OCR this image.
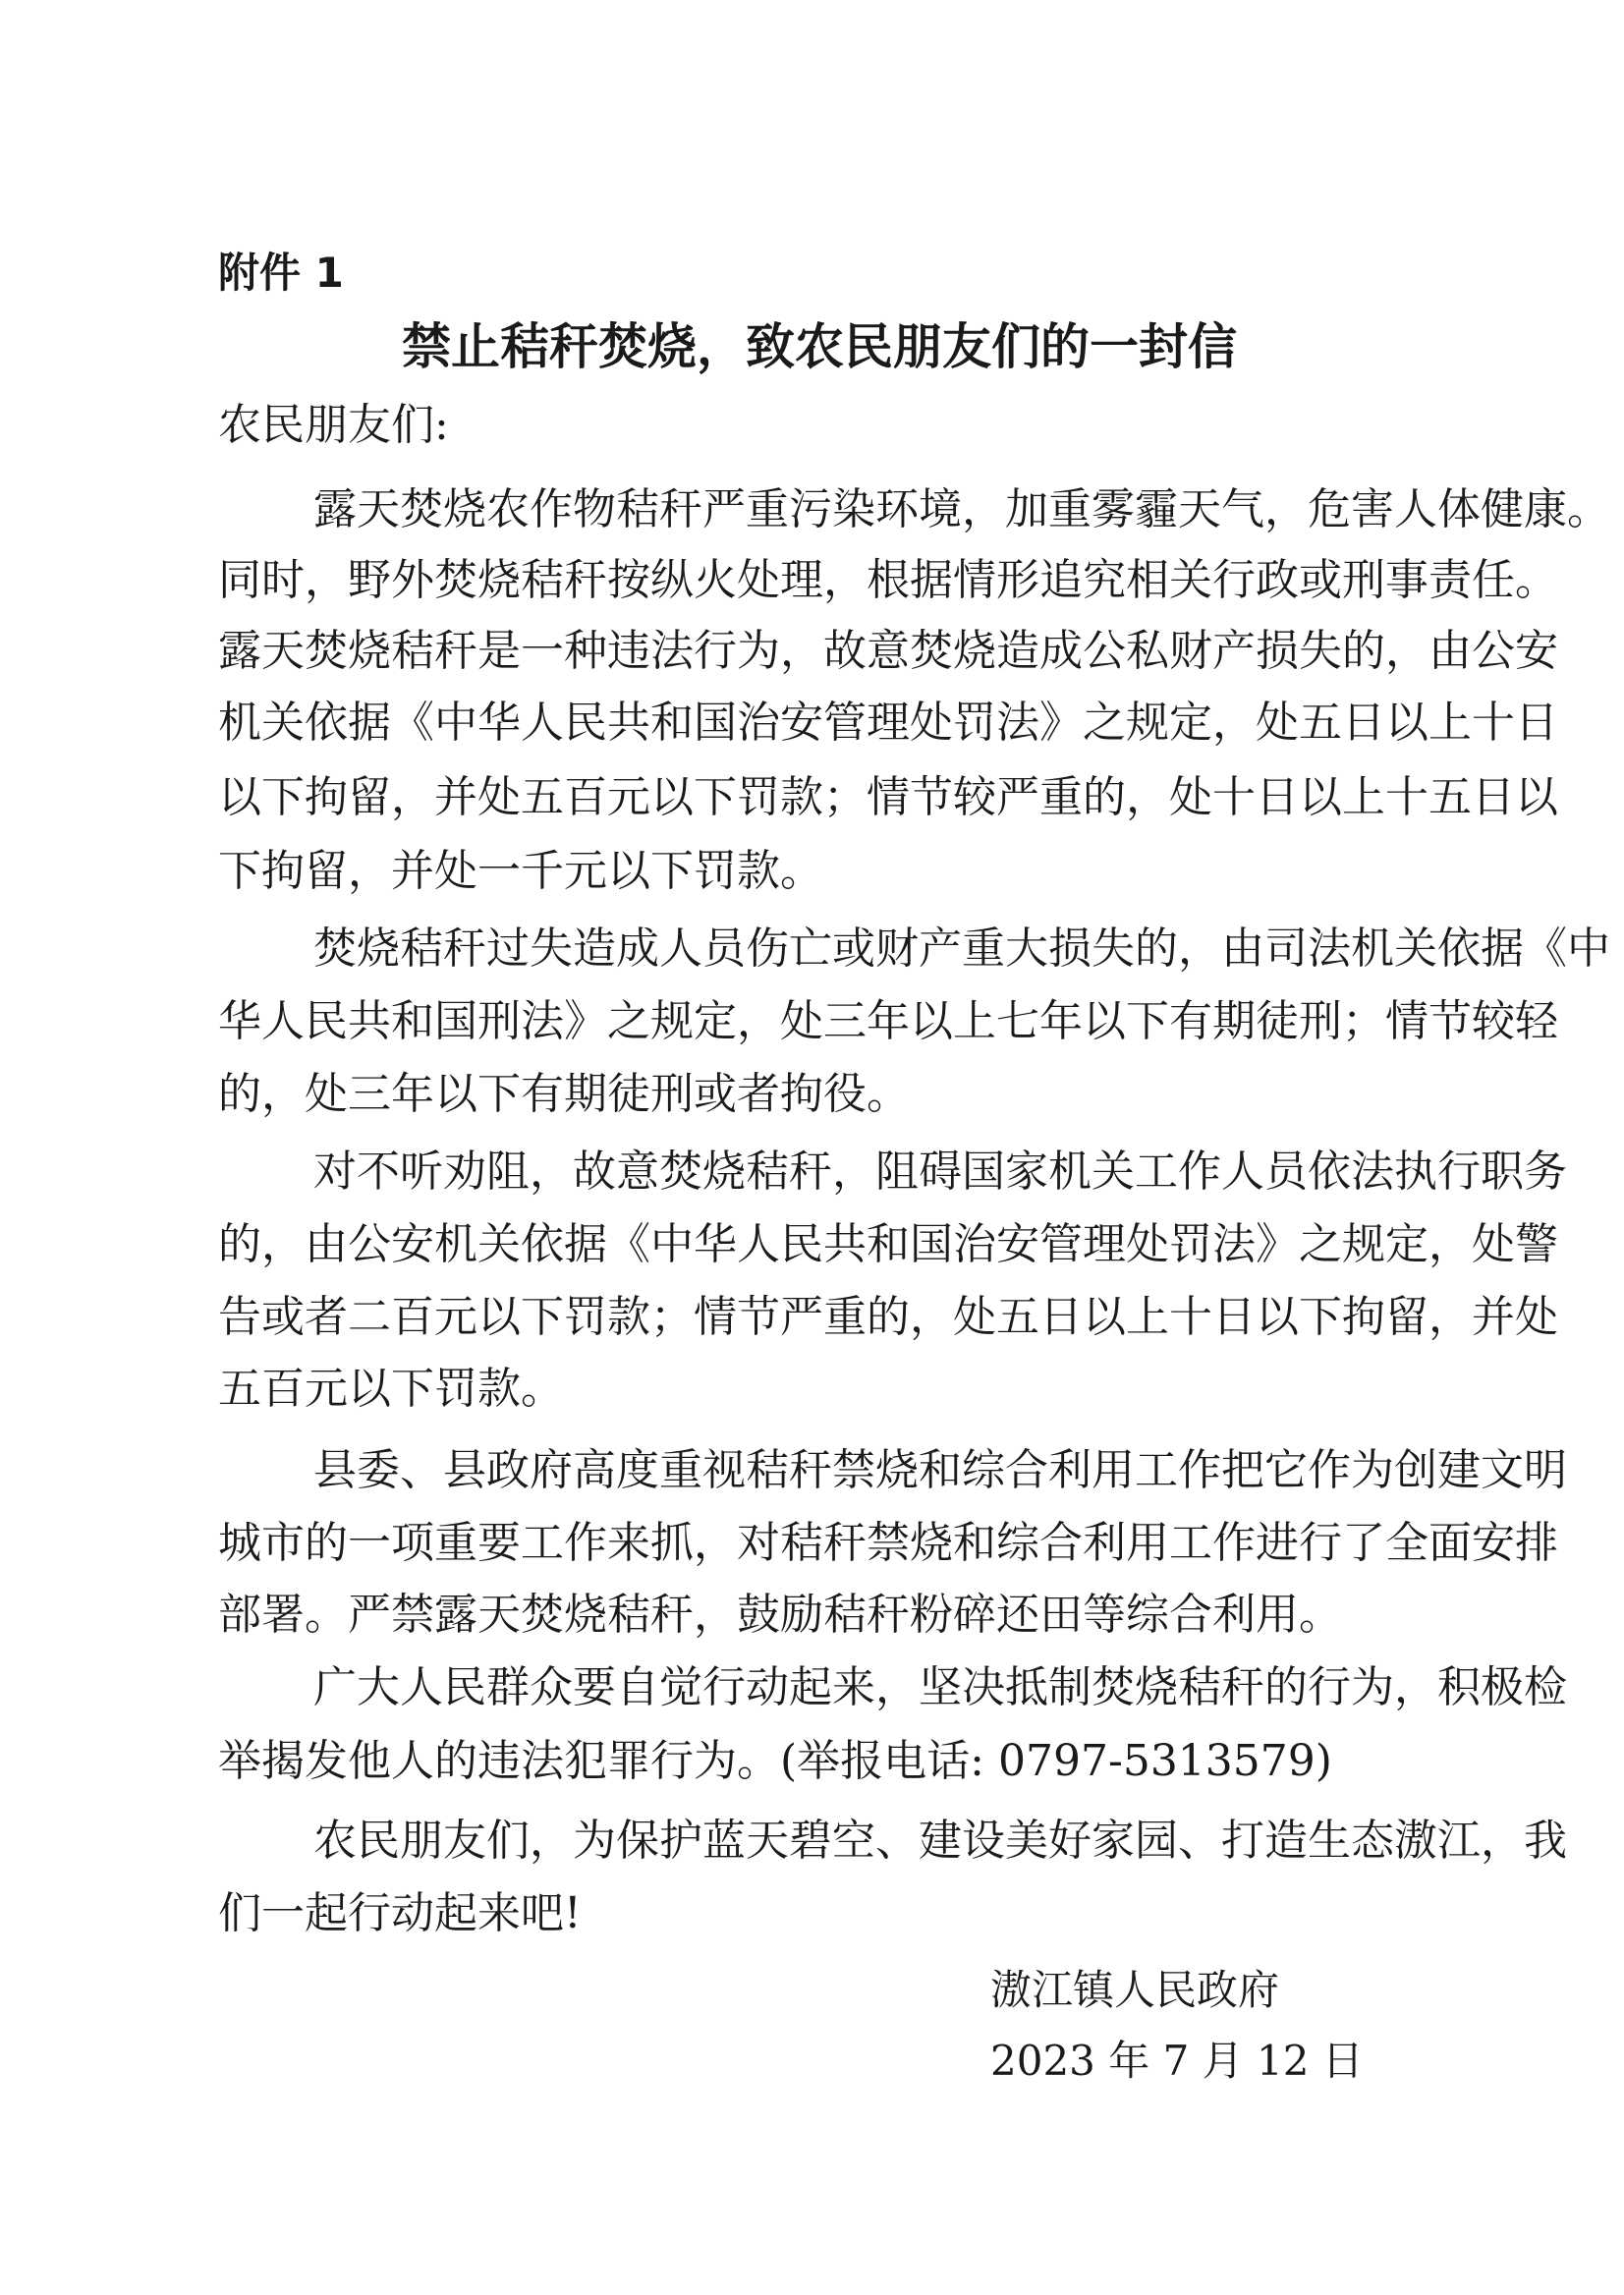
附件 1
禁止秸秆焚烧，致农民朋友们的一封信
农民朋友们:
露天焚烧农作物秸秆严重污染环境，加重雾霾天气，危害人体健康。
同时，野外焚烧秸秆按纵火处理，根据情形追究相关行政或刑事责任。
露天焚烧秸秆是一种违法行为，故意焚烧造成公私财产损失的，由公安
机关依据《中华人民共和国治安管理处罚法》之规定，处五日以上十日
以下拘留，并处五百元以下罚款；情节较严重的，处十日以上十五日以
下拘留，并处一千元以下罚款。
焚烧秸秆过失造成人员伤亡或财产重大损失的，由司法机关依据《中
华人民共和国刑法》之规定，处三年以上七年以下有期徒刑；情节较轻
的，处三年以下有期徒刑或者拘役。
对不听劝阻，故意焚烧秸秆，阻碍国家机关工作人员依法执行职务
的，由公安机关依据《中华人民共和国治安管理处罚法》之规定，处警
告或者二百元以下罚款；情节严重的，处五日以上十日以下拘留，并处
五百元以下罚款。
县委、县政府高度重视秸秆禁烧和综合利用工作把它作为创建文明
城市的一项重要工作来抓，对秸秆禁烧和综合利用工作进行了全面安排
部署。严禁露天焚烧秸秆，鼓励秸秆粉碎还田等综合利用。
广大人民群众要自觉行动起来，坚决抵制焚烧秸秆的行为，积极检
举揭发他人的违法犯罪行为。(举报电话: 0797-5313579)
农民朋友们，为保护蓝天碧空、建设美好家园、打造生态滶江，我
们一起行动起来吧!
滶江镇人民政府
2023 年 7 月 12 日
